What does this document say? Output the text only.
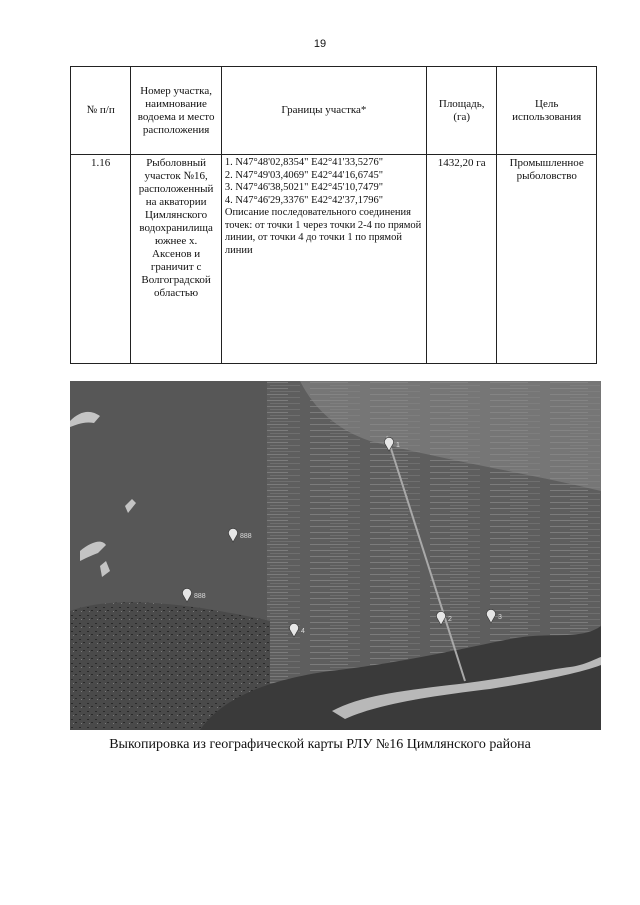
19
№ п/п	Номер участка, наимнование водоема и место расположения	Границы участка*	Площадь, (га)	Цель использования
1.16	Рыболовный участок №16, расположенный на акватории Цимлянского водохранилища южнее х. Аксенов и граничит с Волгоградской областью	1. N47°48'02,8354" E42°41'33,5276"
2. N47°49'03,4069" E42°44'16,6745"
3. N47°46'38,5021" E42°45'10,7479"
4. N47°46'29,3376" E42°42'37,1796"
Описание последовательного соединения точек: от точки 1 через точки 2-4 по прямой линии, от точки 4 до точки 1 по прямой линии	1432,20 га	Промышленное рыболовство
1
2	3
4
888
888
Выкопировка из географической карты РЛУ №16 Цимлянского района
